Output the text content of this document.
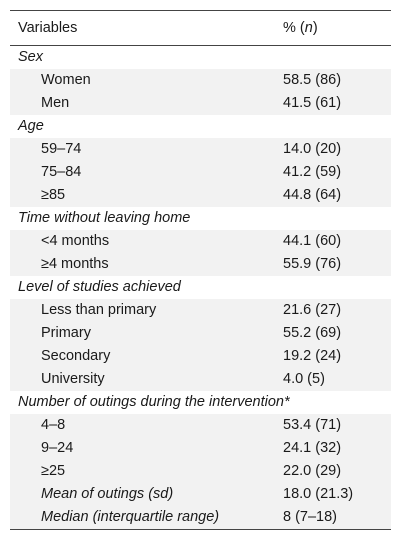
Variables	% (n)
Sex
Women	58.5 (86)
Men	41.5 (61)
Age
59–74	14.0 (20)
75–84	41.2 (59)
≥85	44.8 (64)
Time without leaving home
<4 months	44.1 (60)
≥4 months	55.9 (76)
Level of studies achieved
Less than primary	21.6 (27)
Primary	55.2 (69)
Secondary	19.2 (24)
University	4.0 (5)
Number of outings during the intervention*
4–8	53.4 (71)
9–24	24.1 (32)
≥25	22.0 (29)
Mean of outings (sd)	18.0 (21.3)
Median (interquartile range)	8 (7–18)
